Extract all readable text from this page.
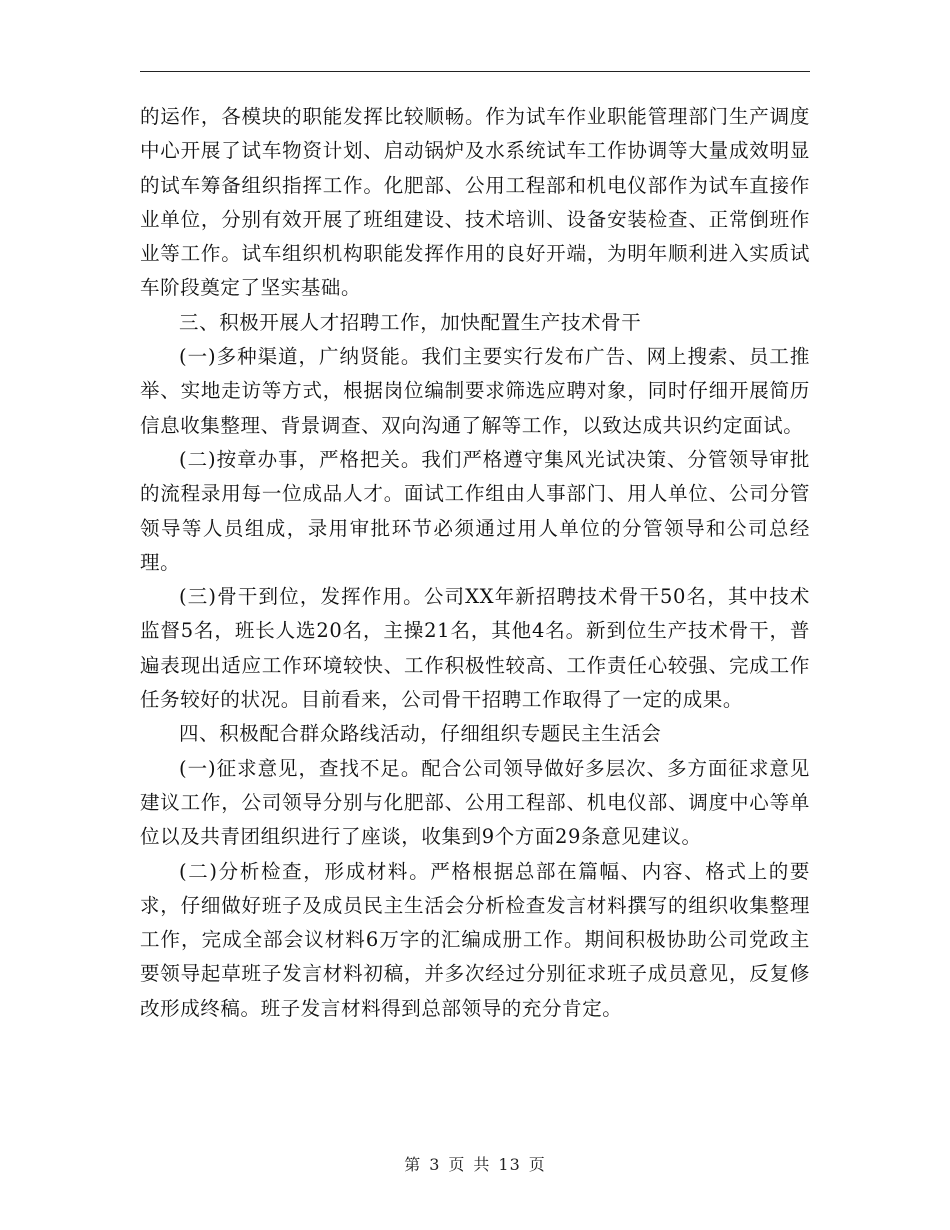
的运作，各模块的职能发挥比较顺畅。作为试车作业职能管理部门生产调度中心开展了试车物资计划、启动锅炉及水系统试车工作协调等大量成效明显的试车筹备组织指挥工作。化肥部、公用工程部和机电仪部作为试车直接作业单位，分别有效开展了班组建设、技术培训、设备安装检查、正常倒班作业等工作。试车组织机构职能发挥作用的良好开端，为明年顺利进入实质试车阶段奠定了坚实基础。

三、积极开展人才招聘工作，加快配置生产技术骨干

(一)多种渠道，广纳贤能。我们主要实行发布广告、网上搜索、员工推举、实地走访等方式，根据岗位编制要求筛选应聘对象，同时仔细开展简历信息收集整理、背景调查、双向沟通了解等工作，以致达成共识约定面试。

(二)按章办事，严格把关。我们严格遵守集风光试决策、分管领导审批的流程录用每一位成品人才。面试工作组由人事部门、用人单位、公司分管领导等人员组成，录用审批环节必须通过用人单位的分管领导和公司总经理。

(三)骨干到位，发挥作用。公司XX年新招聘技术骨干50名，其中技术监督5名，班长人选20名，主操21名，其他4名。新到位生产技术骨干，普遍表现出适应工作环境较快、工作积极性较高、工作责任心较强、完成工作任务较好的状况。目前看来，公司骨干招聘工作取得了一定的成果。

四、积极配合群众路线活动，仔细组织专题民主生活会

(一)征求意见，查找不足。配合公司领导做好多层次、多方面征求意见建议工作，公司领导分别与化肥部、公用工程部、机电仪部、调度中心等单位以及共青团组织进行了座谈，收集到9个方面29条意见建议。

(二)分析检查，形成材料。严格根据总部在篇幅、内容、格式上的要求，仔细做好班子及成员民主生活会分析检查发言材料撰写的组织收集整理工作，完成全部会议材料6万字的汇编成册工作。期间积极协助公司党政主要领导起草班子发言材料初稿，并多次经过分别征求班子成员意见，反复修改形成终稿。班子发言材料得到总部领导的充分肯定。

第 3 页 共 13 页
